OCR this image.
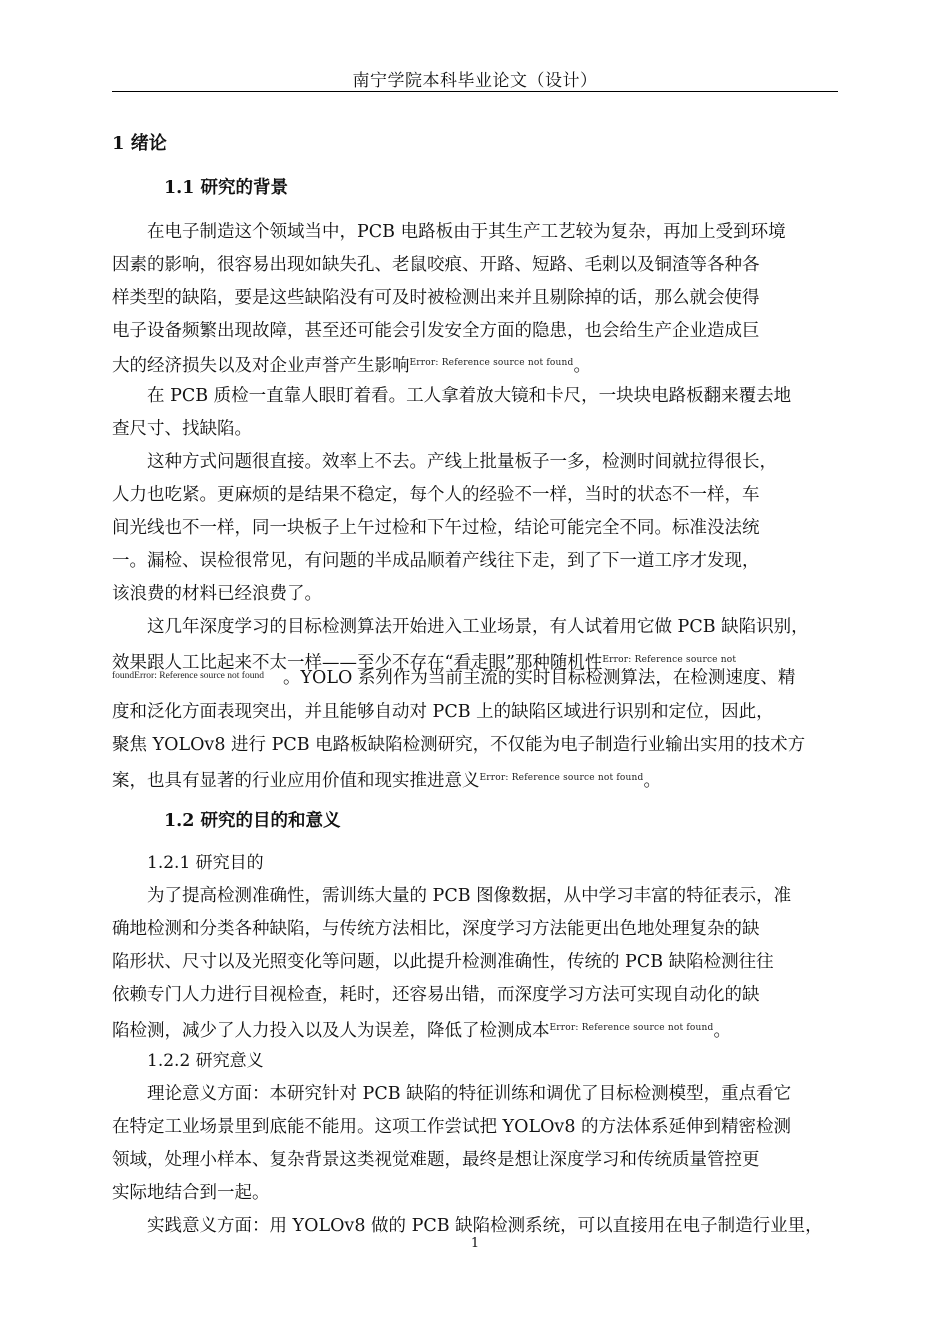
南宁学院本科毕业论文（设计）
1 绪论
1.1 研究的背景
在电子制造这个领域当中，PCB 电路板由于其生产工艺较为复杂，再加上受到环境
因素的影响，很容易出现如缺失孔、老鼠咬痕、开路、短路、毛刺以及铜渣等各种各
样类型的缺陷，要是这些缺陷没有可及时被检测出来并且剔除掉的话，那么就会使得
电子设备频繁出现故障，甚至还可能会引发安全方面的隐患，也会给生产企业造成巨
大的经济损失以及对企业声誉产生影响$^{Error: Reference source not found}$。
在 PCB 质检一直靠人眼盯着看。工人拿着放大镜和卡尺，一块块电路板翻来覆去地
查尺寸、找缺陷。
这种方式问题很直接。效率上不去。产线上批量板子一多，检测时间就拉得很长，
人力也吃紧。更麻烦的是结果不稳定，每个人的经验不一样，当时的状态不一样，车
间光线也不一样，同一块板子上午过检和下午过检，结论可能完全不同。标准没法统
一。漏检、误检很常见，有问题的半成品顺着产线往下走，到了下一道工序才发现，
该浪费的材料已经浪费了。
这几年深度学习的目标检测算法开始进入工业场景，有人试着用它做 PCB 缺陷识别，
效果跟人工比起来不太一样——至少不存在“看走眼”那种随机性$^{Error: Reference source not}$
foundError: Reference source not found 。YOLO 系列作为当前主流的实时目标检测算法，在检测速度、精
度和泛化方面表现突出，并且能够自动对 PCB 上的缺陷区域进行识别和定位，因此，
聚焦 YOLOv8 进行 PCB 电路板缺陷检测研究，不仅能为电子制造行业输出实用的技术方
案，也具有显著的行业应用价值和现实推进意义$^{Error: Reference source not found}$。
1.2 研究的目的和意义
1.2.1 研究目的
为了提高检测准确性，需训练大量的 PCB 图像数据，从中学习丰富的特征表示，准
确地检测和分类各种缺陷，与传统方法相比，深度学习方法能更出色地处理复杂的缺
陷形状、尺寸以及光照变化等问题，以此提升检测准确性，传统的 PCB 缺陷检测往往
依赖专门人力进行目视检查，耗时，还容易出错，而深度学习方法可实现自动化的缺
陷检测，减少了人力投入以及人为误差，降低了检测成本$^{Error: Reference source not found}$。
1.2.2 研究意义
理论意义方面：本研究针对 PCB 缺陷的特征训练和调优了目标检测模型，重点看它
在特定工业场景里到底能不能用。这项工作尝试把 YOLOv8 的方法体系延伸到精密检测
领域，处理小样本、复杂背景这类视觉难题，最终是想让深度学习和传统质量管控更
实际地结合到一起。
实践意义方面：用 YOLOv8 做的 PCB 缺陷检测系统，可以直接用在电子制造行业里，
1
